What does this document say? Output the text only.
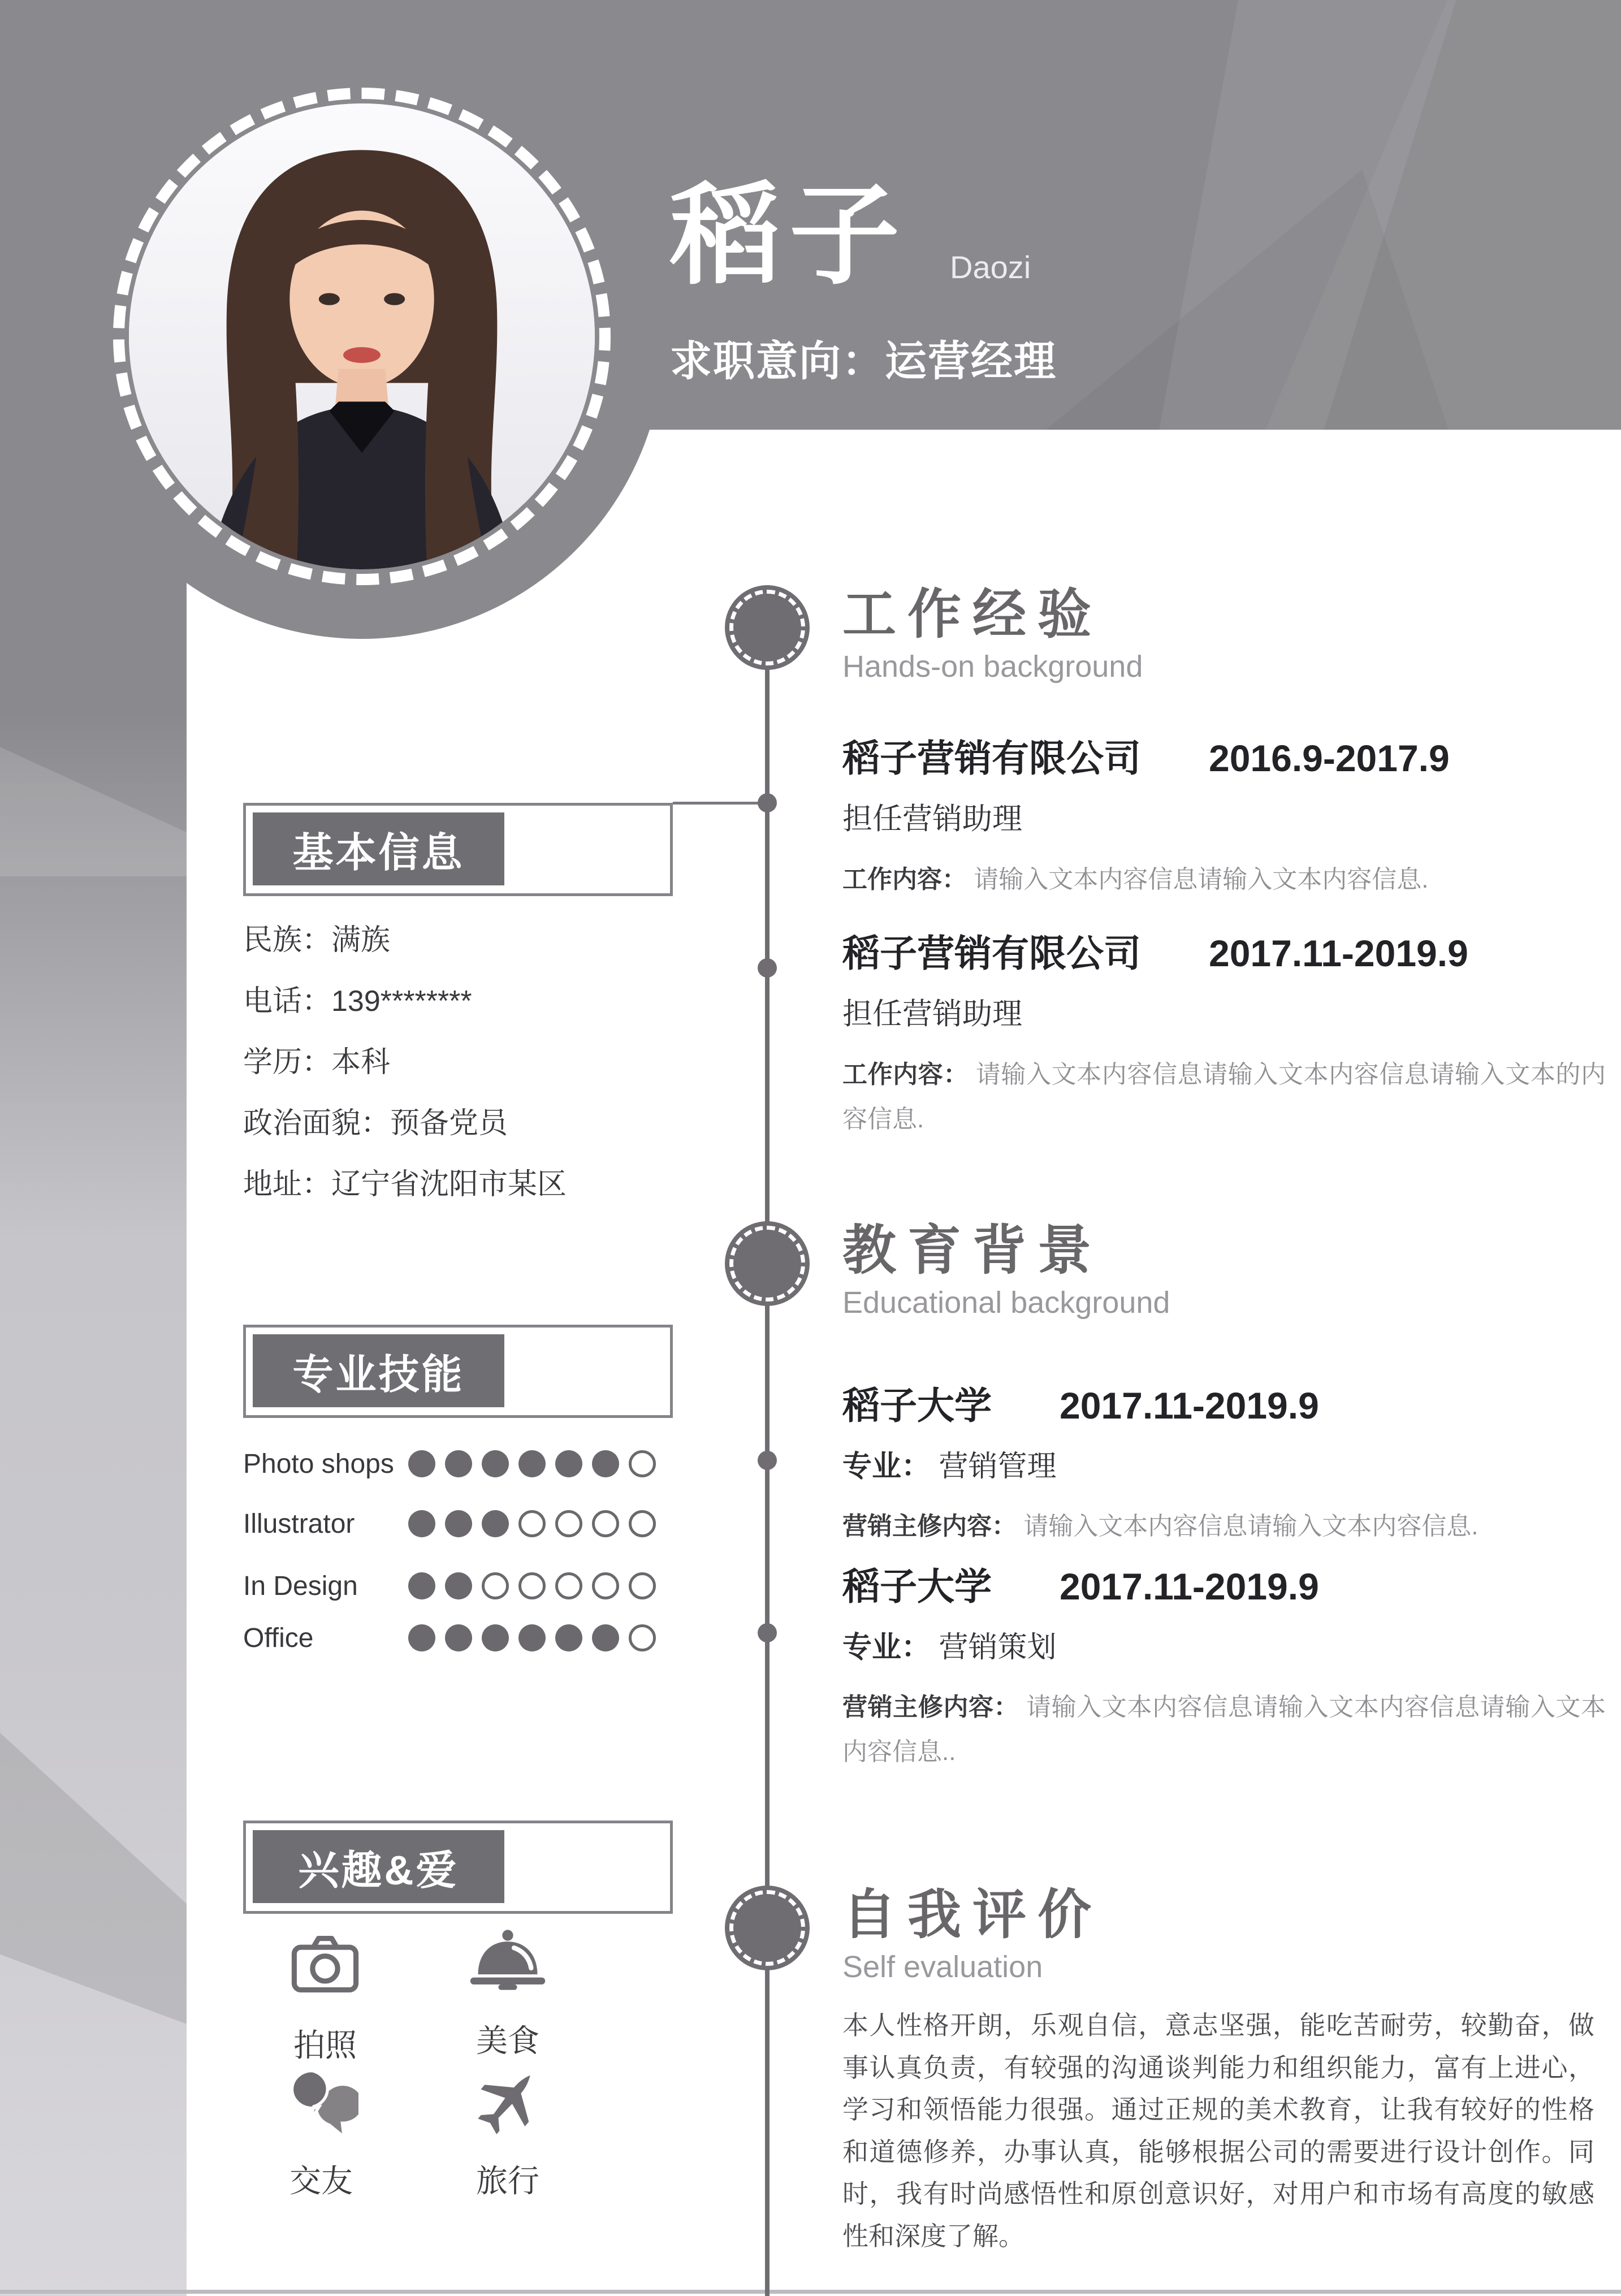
稻子 Daozi
求职意向：运营经理
工作经验
Hands-on background
稻子营销有限公司 2016.9-2017.9
担任营销助理
工作内容： 请输入文本内容信息请输入文本内容信息.
稻子营销有限公司 2017.11-2019.9
担任营销助理
工作内容： 请输入文本内容信息请输入文本内容信息请输入文本的内容信息.
教育背景
Educational background
稻子大学 2017.11-2019.9
专业： 营销管理
营销主修内容： 请输入文本内容信息请输入文本内容信息.
稻子大学 2017.11-2019.9
专业： 营销策划
营销主修内容： 请输入文本内容信息请输入文本内容信息请输入文本内容信息..
自我评价
Self evaluation
本人性格开朗，乐观自信，意志坚强，能吃苦耐劳，较勤奋，做事认真负责，有较强的沟通谈判能力和组织能力，富有上进心，学习和领悟能力很强。通过正规的美术教育，让我有较好的性格和道德修养，办事认真，能够根据公司的需要进行设计创作。同时，我有时尚感悟性和原创意识好，对用户和市场有高度的敏感性和深度了解。
基本信息
民族：满族
电话：139********
学历：本科
政治面貌：预备党员
地址：辽宁省沈阳市某区
专业技能
Photo shops
Illustrator
In Design
Office
兴趣&爱
拍照	美食
交友	旅行
